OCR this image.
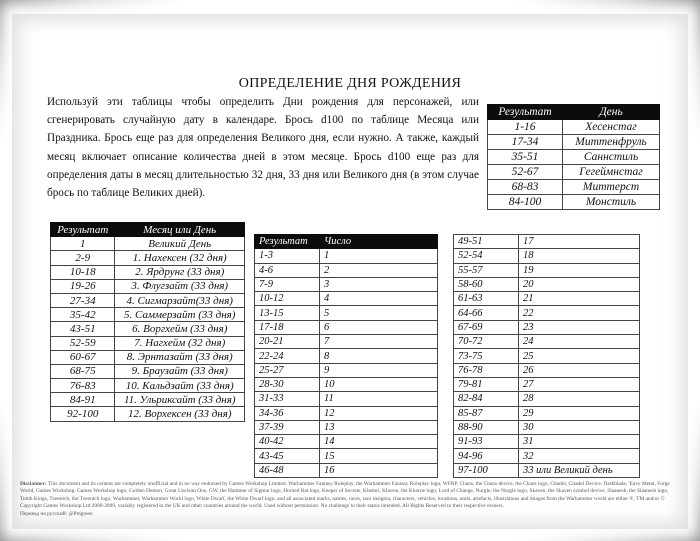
ОПРЕДЕЛЕНИЕ ДНЯ РОЖДЕНИЯ
Используй эти таблицы чтобы определить Дни рождения для персонажей, или сгенерировать случайную дату в календаре. Брось d100 по таблице Месяца или Праздника. Брось еще раз для определения Великого дня, если нужно. А также, каждый месяц включает описание количества дней в этом месяце. Брось d100 еще раз для определения даты в месяц длительностью 32 дня, 33 дня или Великого дня (в этом случае брось по таблице Великих дней).
Результат	День
1-16	Хесенстаг
17-34	Миттенфруль
35-51	Саннстиль
52-67	Гегеймнстаг
68-83	Миттерст
84-100	Монстиль
Результат	Месяц или День
1	Великий День
2-9	1. Нахексен (32 дня)
10-18	2. Ярдрунг (33 дня)
19-26	3. Флугзайт (33 дня)
27-34	4. Сигмарзайт(33 дня)
35-42	5. Саммерзайт (33 дня)
43-51	6. Воргхейм (33 дня)
52-59	7. Нагхейм (32 дня)
60-67	8. Эрнтазайт (33 дня)
68-75	9. Браузайт (33 дня)
76-83	10. Кальдзайт (33 дня)
84-91	11. Ульриксайт (33 дня)
92-100	12. Ворхексен (33 дня)
Результат	Число
1-3	1
4-6	2
7-9	3
10-12	4
13-15	5
17-18	6
20-21	7
22-24	8
25-27	9
28-30	10
31-33	11
34-36	12
37-39	13
40-42	14
43-45	15
46-48	16
49-51	17
52-54	18
55-57	19
58-60	20
61-63	21
64-66	22
67-69	23
70-72	24
73-75	25
76-78	26
79-81	27
82-84	28
85-87	29
88-90	30
91-93	31
94-96	32
97-100	33 или Великий день
Disclaimer: This document and its content are completely unofficial and in no way endorsed by Games Workshop Limited. Warhammer Fantasy Roleplay, the Warhammer Fantasy Roleplay logo, WFRP, Chaos, the Chaos device, the Chaos logo, Citadel, Citadel Device, Darkblade, 'Eavy Metal, Forge World, Games Workshop, Games Workshop logo, Golden Demon, Great Unclean One, GW, the Hammer of Sigmar logo, Horned Rat logo, Keeper of Secrets, Khemri, Khorne, the Khorne logo, Lord of Change, Nurgle, the Nurgle logo, Skaven, the Skaven symbol device, Slaanesh, the Slaanesh logo, Tomb Kings, Tzeentch, the Tzeentch logo, Warhammer, Warhammer World logo, White Dwarf, the White Dwarf logo, and all associated marks, names, races, race insignia, characters, vehicles, locations, units, artefacts, illustrations and images from the Warhammer world are either ®, TM and/or © Copyright Games Workshop Ltd 2000-2009, variably registered in the UK and other countries around the world. Used without permission. No challenge to their status intended. All Rights Reserved to their respective owners.
Перевод на русский: @Pmgreen
